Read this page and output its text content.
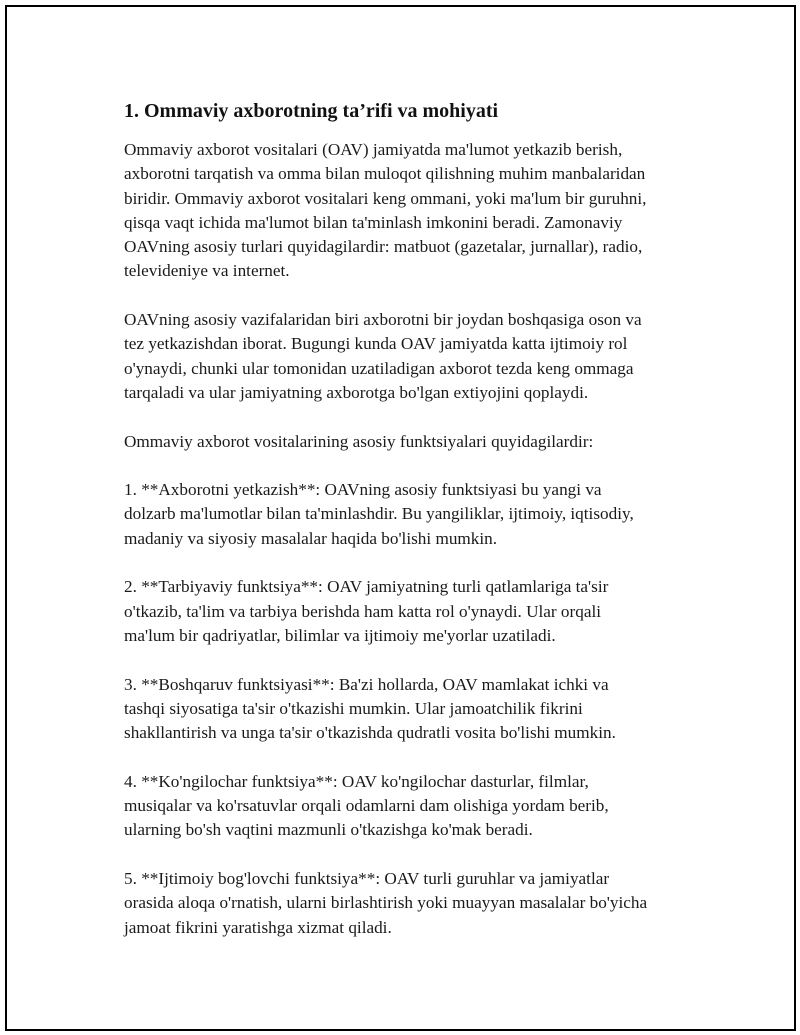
1. Ommaviy axborotning ta’rifi va mohiyati

Ommaviy axborot vositalari (OAV) jamiyatda ma'lumot yetkazib berish,
axborotni tarqatish va omma bilan muloqot qilishning muhim manbalaridan
biridir. Ommaviy axborot vositalari keng ommani, yoki ma'lum bir guruhni,
qisqa vaqt ichida ma'lumot bilan ta'minlash imkonini beradi. Zamonaviy
OAVning asosiy turlari quyidagilardir: matbuot (gazetalar, jurnallar), radio,
televideniye va internet.

OAVning asosiy vazifalaridan biri axborotni bir joydan boshqasiga oson va
tez yetkazishdan iborat. Bugungi kunda OAV jamiyatda katta ijtimoiy rol
o'ynaydi, chunki ular tomonidan uzatiladigan axborot tezda keng ommaga
tarqaladi va ular jamiyatning axborotga bo'lgan extiyojini qoplaydi.

Ommaviy axborot vositalarining asosiy funktsiyalari quyidagilardir:

1. **Axborotni yetkazish**: OAVning asosiy funktsiyasi bu yangi va
dolzarb ma'lumotlar bilan ta'minlashdir. Bu yangiliklar, ijtimoiy, iqtisodiy,
madaniy va siyosiy masalalar haqida bo'lishi mumkin.

2. **Tarbiyaviy funktsiya**: OAV jamiyatning turli qatlamlariga ta'sir
o'tkazib, ta'lim va tarbiya berishda ham katta rol o'ynaydi. Ular orqali
ma'lum bir qadriyatlar, bilimlar va ijtimoiy me'yorlar uzatiladi.

3. **Boshqaruv funktsiyasi**: Ba'zi hollarda, OAV mamlakat ichki va
tashqi siyosatiga ta'sir o'tkazishi mumkin. Ular jamoatchilik fikrini
shakllantirish va unga ta'sir o'tkazishda qudratli vosita bo'lishi mumkin.

4. **Ko'ngilochar funktsiya**: OAV ko'ngilochar dasturlar, filmlar,
musiqalar va ko'rsatuvlar orqali odamlarni dam olishiga yordam berib,
ularning bo'sh vaqtini mazmunli o'tkazishga ko'mak beradi.

5. **Ijtimoiy bog'lovchi funktsiya**: OAV turli guruhlar va jamiyatlar
orasida aloqa o'rnatish, ularni birlashtirish yoki muayyan masalalar bo'yicha
jamoat fikrini yaratishga xizmat qiladi.
